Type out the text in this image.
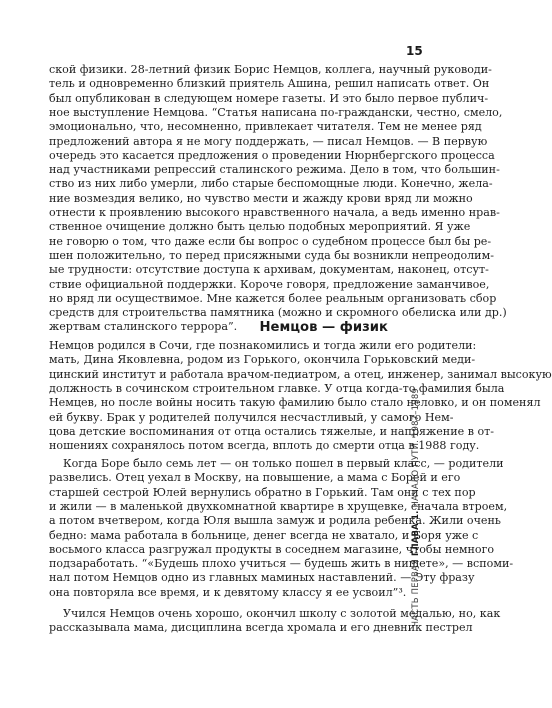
15
ЧАСТЬ ПЕРВАЯ ГЛАВА 1. НАЧАЛО ПУТИ. 1987–1989
ской физики. 28-летний физик Борис Немцов, коллега, научный руководи-
тель и одновременно близкий приятель Ашина, решил написать ответ. Он
был опубликован в следующем номере газеты. И это было первое публич-
ное выступление Немцова. “Статья написана по-граждански, честно, смело,
эмоционально, что, несомненно, привлекает читателя. Тем не менее ряд
предложений автора я не могу поддержать, — писал Немцов. — В первую
очередь это касается предложения о проведении Нюрнбергского процесса
над участниками репрессий сталинского режима. Дело в том, что большин-
ство из них либо умерли, либо старые беспомощные люди. Конечно, жела-
ние возмездия велико, но чувство мести и жажду крови вряд ли можно
отнести к проявлению высокого нравственного начала, а ведь именно нрав-
ственное очищение должно быть целью подобных мероприятий. Я уже
не говорю о том, что даже если бы вопрос о судебном процессе был бы ре-
шен положительно, то перед присяжными суда бы возникли непреодолим-
ые трудности: отсутствие доступа к архивам, документам, наконец, отсут-
ствие официальной поддержки. Короче говоря, предложение заманчивое,
но вряд ли осуществимое. Мне кажется более реальным организовать сбор
средств для строительства памятника (можно и скромного обелиска или др.)
жертвам сталинского террора”.	Немцов — физик
Немцов родился в Сочи, где познакомились и тогда жили его родители:
мать, Дина Яковлевна, родом из Горького, окончила Горьковский меди-
цинский институт и работала врачом-педиатром, а отец, инженер, занимал высокую
должность в сочинском строительном главке. У отца когда-то фамилия была
Немцев, но после войны носить такую фамилию было стало неловко, и он поменял
ей букву. Брак у родителей получился несчастливый, у самого Нем-
цова детские воспоминания от отца остались тяжелые, и напряжение в от-
ношениях сохранялось потом всегда, вплоть до смерти отца в 1988 году.
Когда Боре было семь лет — он только пошел в первый класс, — родители
развелись. Отец уехал в Москву, на повышение, а мама с Борей и его
старшей сестрой Юлей вернулись обратно в Горький. Там они с тех пор
и жили — в маленькой двухкомнатной квартире в хрущевке, сначала втроем,
а потом вчетвером, когда Юля вышла замуж и родила ребенка. Жили очень
бедно: мама работала в больнице, денег всегда не хватало, и Боря уже с
восьмого класса разгружал продукты в соседнем магазине, чтобы немного
подзаработать. “«Будешь плохо учиться — будешь жить в нищете», — вспоми-
нал потом Немцов одно из главных маминых наставлений. — Эту фразу
она повторяла все время, и к девятому классу я ее усвоил”³.
Учился Немцов очень хорошо, окончил школу с золотой медалью, но, как
рассказывала мама, дисциплина всегда хромала и его дневник пестрел
